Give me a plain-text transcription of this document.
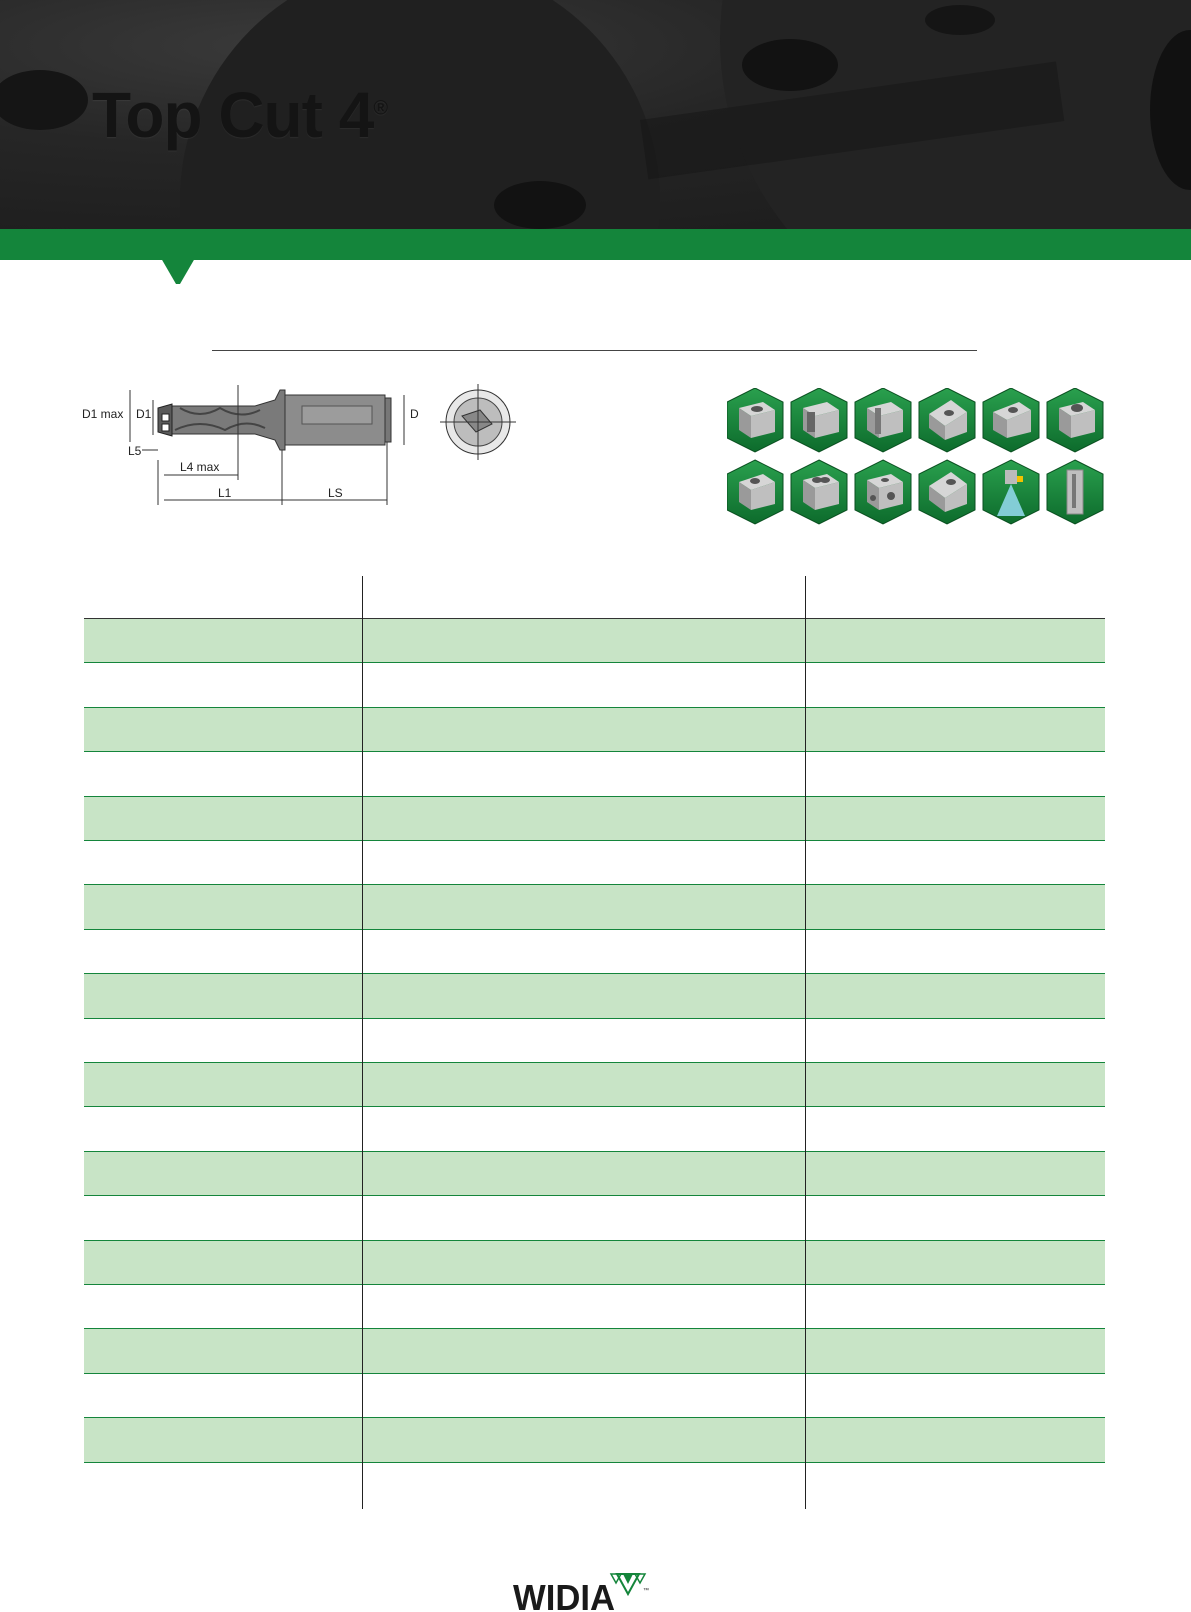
Top Cut 4®
D1 max D1	D
L5
L4 max
L1	LS
WIDIA	™
